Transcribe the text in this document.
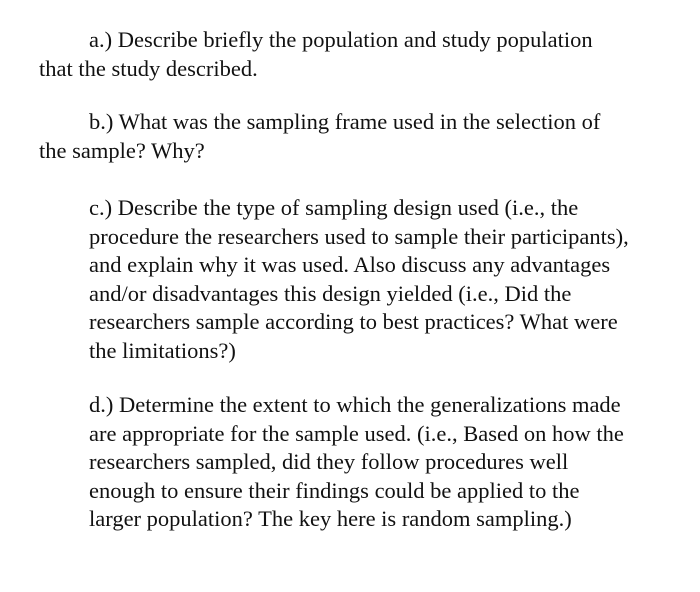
a.) Describe briefly the population and study population
that the study described.
b.) What was the sampling frame used in the selection of
the sample? Why?
c.) Describe the type of sampling design used (i.e., the
procedure the researchers used to sample their participants),
and explain why it was used. Also discuss any advantages
and/or disadvantages this design yielded (i.e., Did the
researchers sample according to best practices? What were
the limitations?)
d.) Determine the extent to which the generalizations made
are appropriate for the sample used. (i.e., Based on how the
researchers sampled, did they follow procedures well
enough to ensure their findings could be applied to the
larger population? The key here is random sampling.)
